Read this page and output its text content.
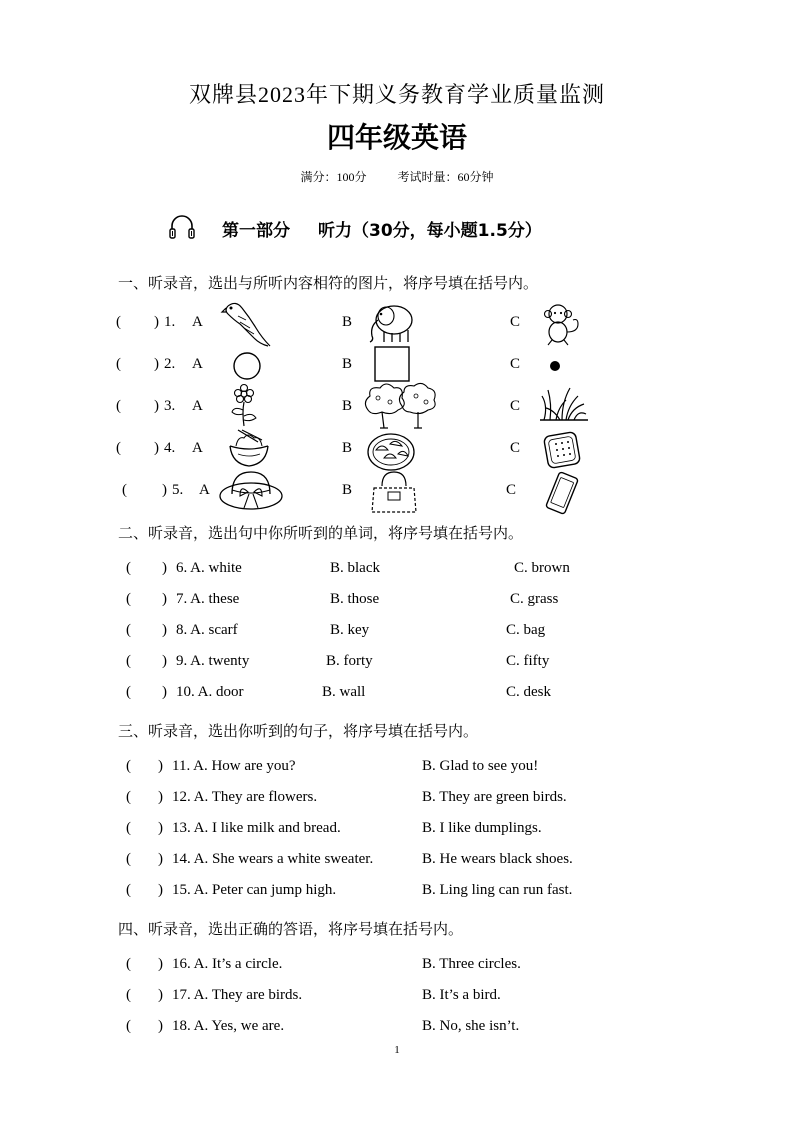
双牌县2023年下期义务教育学业质量监测
四年级英语
满分：100分	考试时量：60分钟
第一部分 听力（30分，每小题1.5分）
一、听录音，选出与所听内容相符的图片，将序号填在括号内。
( ) 1. A	B	C
( ) 2. A	B	C
( ) 3. A	B	C
( ) 4. A	B	C
( ) 5. A	B	C
二、听录音，选出句中你所听到的单词，将序号填在括号内。
( ) 6. A. white	B. black	C. brown
( ) 7. A. these	B. those	C. grass
( ) 8. A. scarf	B. key	C. bag
( ) 9. A. twenty	B. forty	C. fifty
( ) 10. A. door	B. wall	C. desk
三、听录音，选出你听到的句子，将序号填在括号内。
( ) 11. A. How are you?	B. Glad to see you!
( ) 12. A. They are flowers.	B. They are green birds.
( ) 13. A. I like milk and bread.	B. I like dumplings.
( ) 14. A. She wears a white sweater.	B. He wears black shoes.
( ) 15. A. Peter can jump high.	B. Ling ling can run fast.
四、听录音，选出正确的答语，将序号填在括号内。
( ) 16. A. It’s a circle.	B. Three circles.
( ) 17. A. They are birds.	B. It’s a bird.
( ) 18. A. Yes, we are.	B. No, she isn’t.
1
